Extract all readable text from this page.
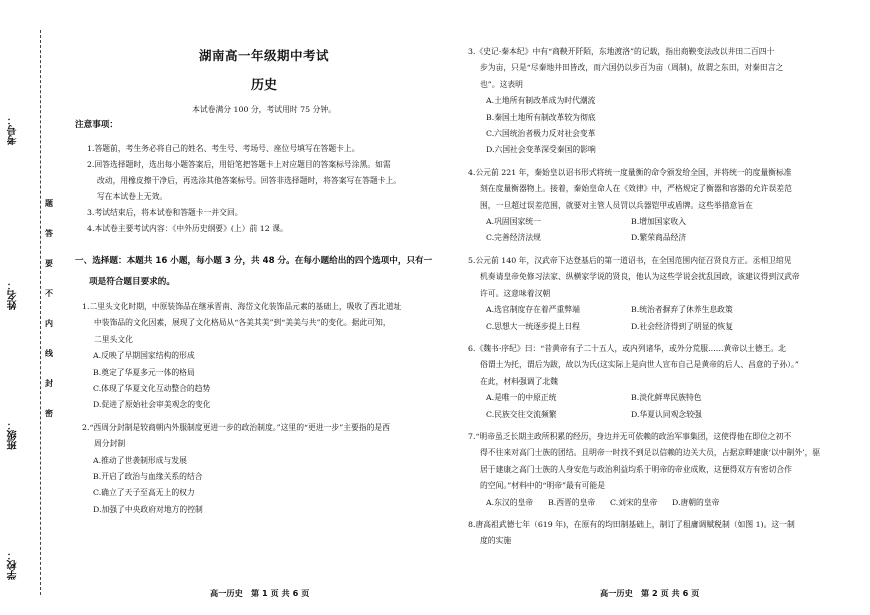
考号：
姓名：
班级：
学校：
题
答
要
不
内
线
封
密
湖南高一年级期中考试
历史
本试卷满分 100 分，考试用时 75 分钟。
注意事项：

1.答题前，考生务必将自己的姓名、考生号、考场号、座位号填写在答题卡上。

2.回答选择题时，选出每小题答案后，用铅笔把答题卡上对应题目的答案标号涂黑。如需

改动，用橡皮擦干净后，再选涂其他答案标号。回答非选择题时，将答案写在答题卡上。

写在本试卷上无效。

3.考试结束后，将本试卷和答题卡一并交回。

4.本试卷主要考试内容：《中外历史纲要》(上）前 12 课。

一、选择题：本题共 16 小题，每小题 3 分，共 48 分。在每小题给出的四个选项中，只有一
项是符合题目要求的。
1.二里头文化时期，中原装饰品在继承晋南、海岱文化装饰品元素的基础上，吸收了西北道址
中装饰品的文化因素，展现了文化格局从“各美其美”到“美美与共”的变化。据此可知，
二里头文化
A.反映了早期国家结构的形成
B.奠定了华夏多元一体的格局
C.体现了华夏文化互动整合的趋势
D.促进了原始社会审美观念的变化
2.“西周分封制是较商朝内外服制度更进一步的政治制度。”这里的“更进一步”主要指的是西
周分封制
A.推动了世袭制形成与发展
B.开启了政治与血缘关系的结合
C.确立了天子至高无上的权力
D.加强了中央政府对地方的控制
3.《史记·秦本纪》中有“商鞅开阡陌，东地渡洛”的记载，指出商鞅变法改以井田二百四十
步为亩，只是“尽秦地井田皆改，而六国仍以步百为亩（周制)，故谓之东田，对秦田言之
也”。这表明
A.土地所有制改革成为时代潮流
B.秦国土地所有制改革较为彻底
C.六国统治者极力反对社会变革
D.六国社会变革深受秦国的影响
4.公元前 221 年，秦始皇以诏书形式将统一度量衡的命令颁发给全国，并将统一的度量衡标准
刻在度量衡器物上。接着，秦始皇命人在《效律》中，严格规定了衡器和容器的允许误差范
围，一旦超过误差范围，就要对主管人员罚以兵器铠甲或盾牌。这些举措意旨在
A.巩固国家统一	B.增加国家收入
C.完善经济法规	D.繁荣商品经济
5.公元前 140 年，汉武帝下达登基后的第一道诏书，在全国范围内征召贤良方正。丞相卫绾见
机奏请皇帝免修习法家、纵横家学说的贤良，他认为这些学说会扰乱国政，该建议得到汉武帝
许可。这意味着汉朝
A.选官制度存在着严重弊端	B.统治者摒弃了休养生息政策
C.思想大一统逐步提上日程	D.社会经济得到了明显的恢复
6.《魏书·序纪》曰：“昔黄帝有子二十五人，或内列诸华，或外分荒服……黄帝以土德王。北
俗谓土为托，谓后为跋，故以为氏(这实际上是向世人宣布自己是黄帝的后人、昌意的子孙）。”
在此，材料强调了北魏
A.是唯一的中原正统	B.淡化鲜卑民族特色
C.民族交往交流频繁	D.华夏认同观念较强
7.“明帝虽乏长期主政所积累的经历，身边并无可依赖的政治军事集团，这使得他在即位之初不
得不往来对高门士族的团结。且明帝一时找不到足以信赖的边关大员，占据京畔建康‘以中制外’，驱
居于建康之高门士族的人身安危与政治利益均系于明帝的帝业成败，这便得双方有密切合作
的空间。”材料中的“明帝”最有可能是
A.东汉的皇帝	B.西晋的皇帝	C.刘宋的皇帝	D.唐朝的皇帝
8.唐高祖武德七年（619 年)，在原有的均田制基础上，制订了租庸调赋税制（如图 1)。这一制
度的实施
高一历史　第 1 页 共 6 页	高一历史　第 2 页 共 6 页
